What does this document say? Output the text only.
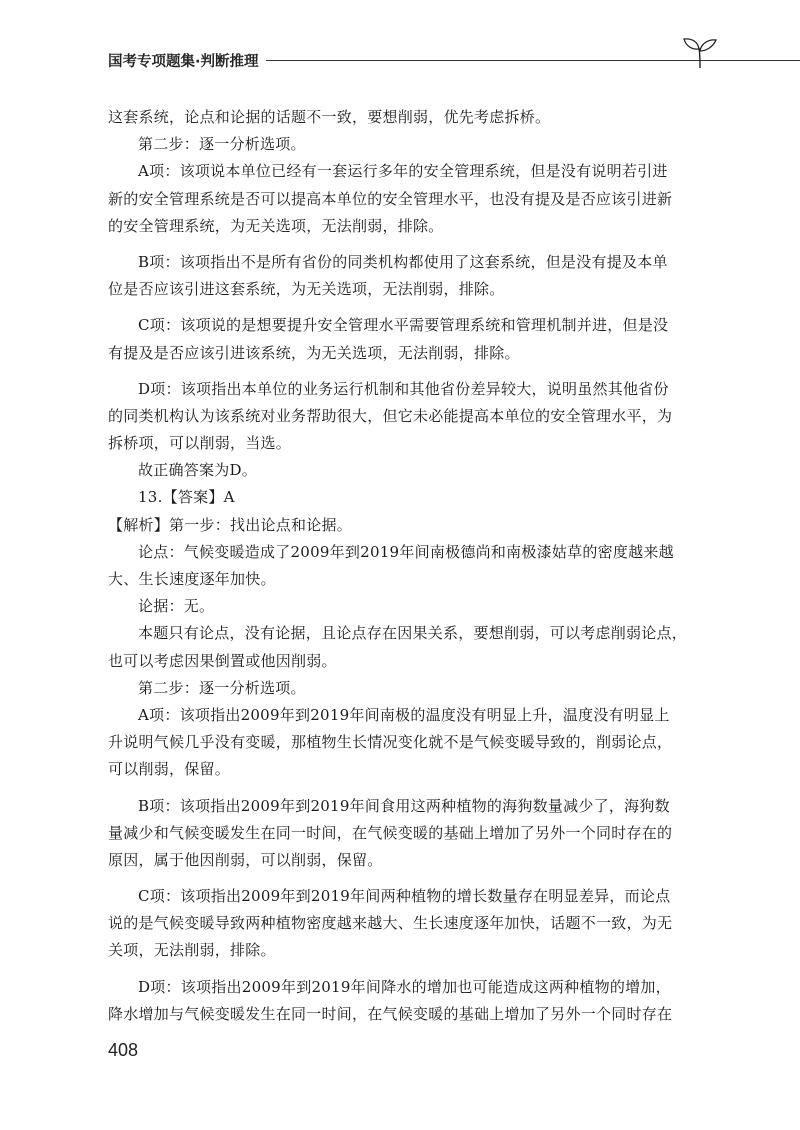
国考专项题集·判断推理
这套系统，论点和论据的话题不一致，要想削弱，优先考虑拆桥。
第二步：逐一分析选项。
A项：该项说本单位已经有一套运行多年的安全管理系统，但是没有说明若引进
新的安全管理系统是否可以提高本单位的安全管理水平，也没有提及是否应该引进新
的安全管理系统，为无关选项，无法削弱，排除。
B项：该项指出不是所有省份的同类机构都使用了这套系统，但是没有提及本单
位是否应该引进这套系统，为无关选项，无法削弱，排除。
C项：该项说的是想要提升安全管理水平需要管理系统和管理机制并进，但是没
有提及是否应该引进该系统，为无关选项，无法削弱，排除。
D项：该项指出本单位的业务运行机制和其他省份差异较大，说明虽然其他省份
的同类机构认为该系统对业务帮助很大，但它未必能提高本单位的安全管理水平，为
拆桥项，可以削弱，当选。
故正确答案为D。
13.【答案】A
【解析】第一步：找出论点和论据。
论点：气候变暖造成了2009年到2019年间南极德尚和南极漆姑草的密度越来越
大、生长速度逐年加快。
论据：无。
本题只有论点，没有论据，且论点存在因果关系，要想削弱，可以考虑削弱论点，
也可以考虑因果倒置或他因削弱。
第二步：逐一分析选项。
A项：该项指出2009年到2019年间南极的温度没有明显上升，温度没有明显上
升说明气候几乎没有变暖，那植物生长情况变化就不是气候变暖导致的，削弱论点，
可以削弱，保留。
B项：该项指出2009年到2019年间食用这两种植物的海狗数量减少了，海狗数
量减少和气候变暖发生在同一时间，在气候变暖的基础上增加了另外一个同时存在的
原因，属于他因削弱，可以削弱，保留。
C项：该项指出2009年到2019年间两种植物的增长数量存在明显差异，而论点
说的是气候变暖导致两种植物密度越来越大、生长速度逐年加快，话题不一致，为无
关项，无法削弱，排除。
D项：该项指出2009年到2019年间降水的增加也可能造成这两种植物的增加，
降水增加与气候变暖发生在同一时间，在气候变暖的基础上增加了另外一个同时存在
408
